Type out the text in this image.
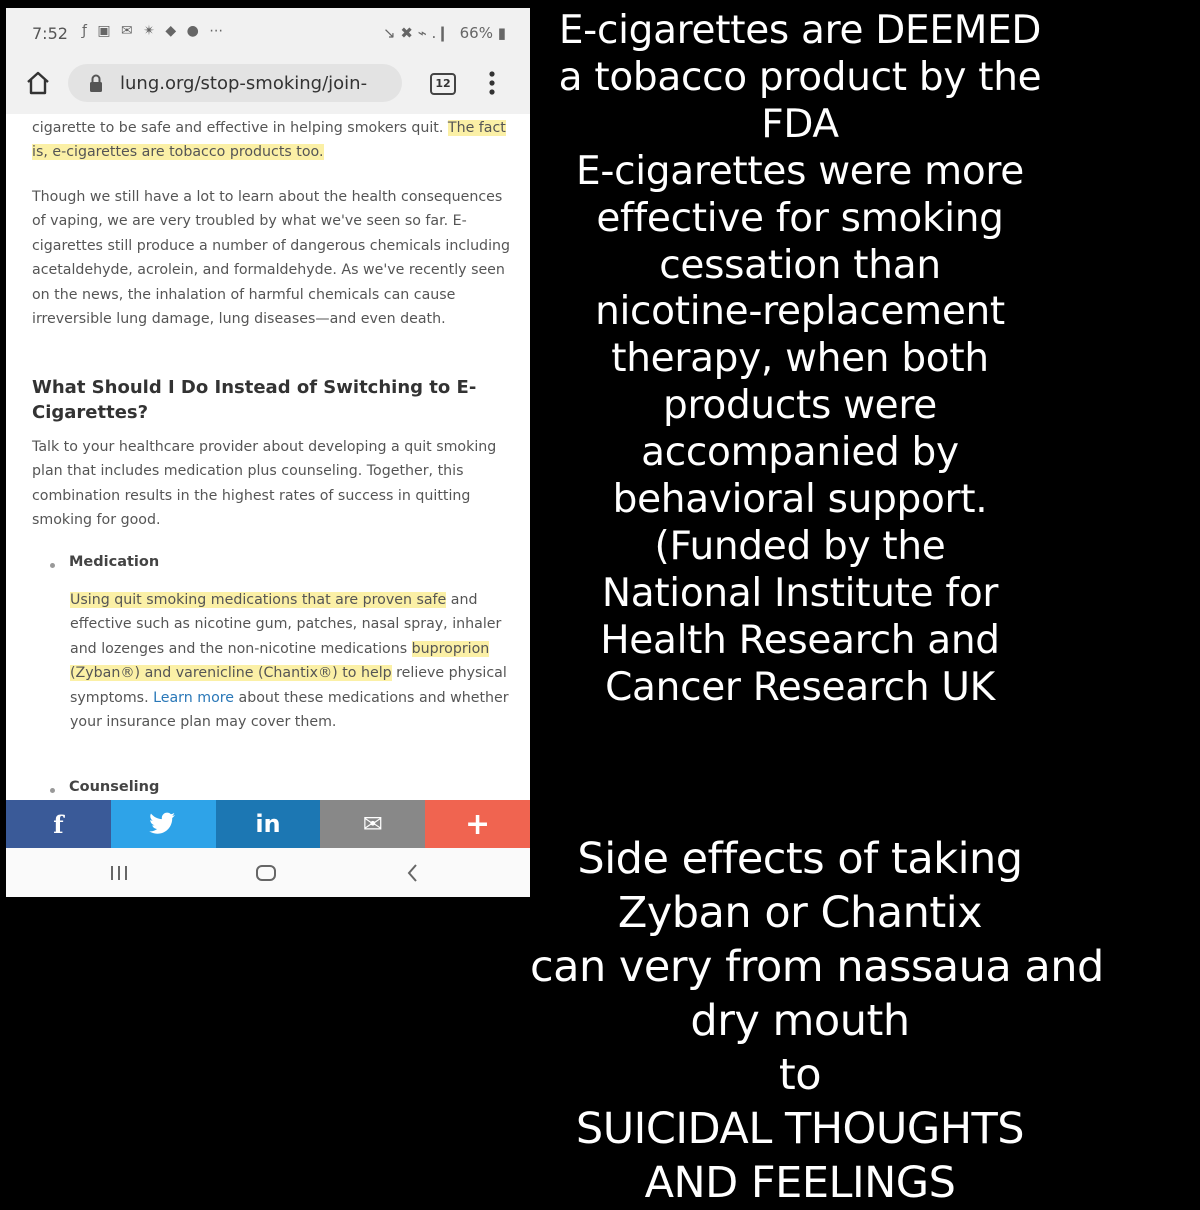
7:52 ƒ ▣ ✉ ✴ ◆ ● ⋯	↘ ✖ ⌁ .❙ 66% ▮
lung.org/stop-smoking/join-	12
cigarette to be safe and effective in helping smokers quit. The fact is, e-cigarettes are tobacco products too.
Though we still have a lot to learn about the health consequences of vaping, we are very troubled by what we've seen so far. E-cigarettes still produce a number of dangerous chemicals including acetaldehyde, acrolein, and formaldehyde. As we've recently seen on the news, the inhalation of harmful chemicals can cause irreversible lung damage, lung diseases—and even death.
What Should I Do Instead of Switching to E-Cigarettes?
Talk to your healthcare provider about developing a quit smoking plan that includes medication plus counseling. Together, this combination results in the highest rates of success in quitting smoking for good.
Medication
Using quit smoking medications that are proven safe and effective such as nicotine gum, patches, nasal spray, inhaler and lozenges and the non-nicotine medications buproprion (Zyban®) and varenicline (Chantix®) to help relieve physical symptoms. Learn more about these medications and whether your insurance plan may cover them.
Counseling
f	in	✉	+
E-cigarettes are DEEMED
a tobacco product by the
FDA
E-cigarettes were more
effective for smoking
cessation than
nicotine-replacement
therapy, when both
products were
accompanied by
behavioral support.
(Funded by the
National Institute for
Health Research and
Cancer Research UK
Side effects of taking
Zyban or Chantix
can very from nassaua and
dry mouth
to
SUICIDAL THOUGHTS
AND FEELINGS
